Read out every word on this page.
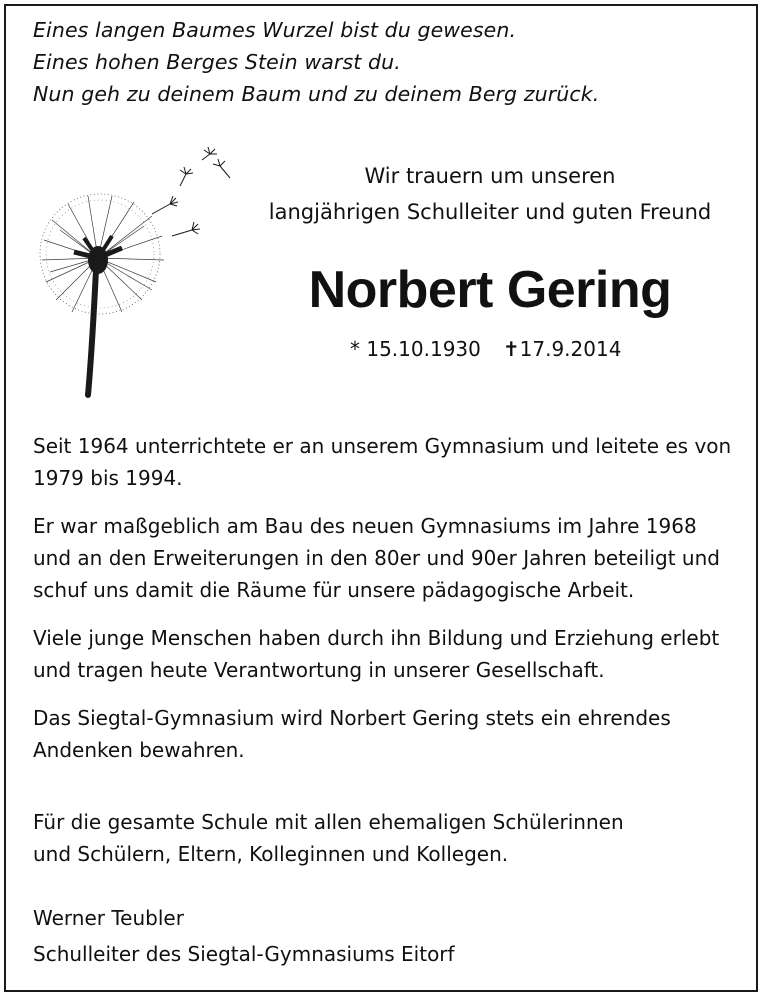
Eines langen Baumes Wurzel bist du gewesen.
Eines hohen Berges Stein warst du.
Nun geh zu deinem Baum und zu deinem Berg zurück.
Wir trauern um unseren
langjährigen Schulleiter und guten Freund
Norbert Gering
* 15.10.1930 ✝17.9.2014

Seit 1964 unterrichtete er an unserem Gymnasium und leitete es von 1979 bis 1994.

Er war maßgeblich am Bau des neuen Gymnasiums im Jahre 1968 und an den Erweiterungen in den 80er und 90er Jahren beteiligt und schuf uns damit die Räume für unsere pädagogische Arbeit.

Viele junge Menschen haben durch ihn Bildung und Erziehung erlebt und tragen heute Verantwortung in unserer Gesellschaft.

Das Siegtal-Gymnasium wird Norbert Gering stets ein ehrendes Andenken bewahren.

Für die gesamte Schule mit allen ehemaligen Schülerinnen
und Schülern, Eltern, Kolleginnen und Kollegen.
Werner Teubler
Schulleiter des Siegtal-Gymnasiums Eitorf
